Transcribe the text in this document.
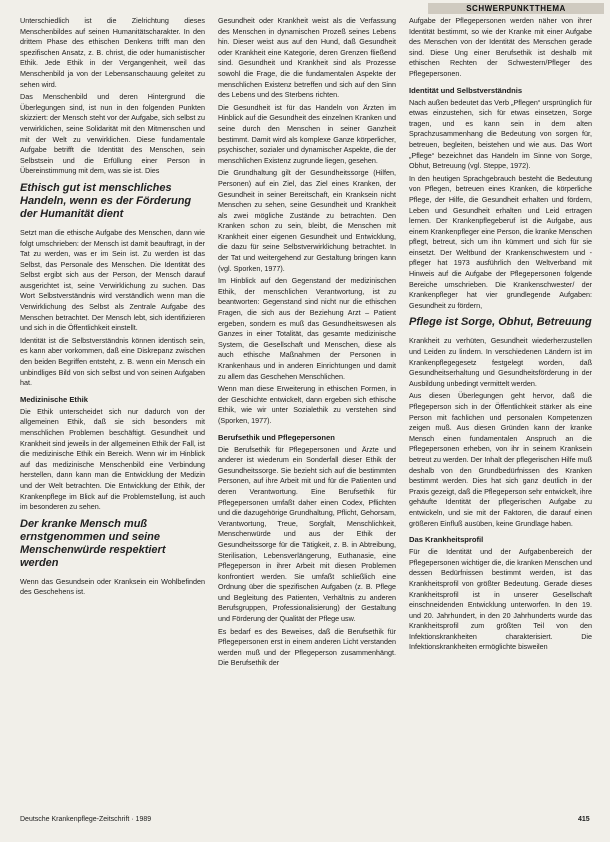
SCHWERPUNKTTHEMA

Unterschiedlich ist die Zielrichtung dieses Menschenbildes auf seinen Humanitätscharakter. In den drittem Phase des ethischen Denkens trifft man den spezifischen Ansatz, z. B. christ, die oder humanistischer Ethik. Jede Ethik in der Vergangenheit, weil das Menschenbild ja von der Lebensanschauung geleitet zu sehen wird.

Das Menschenbild und deren Hintergrund die Überlegungen sind, ist nun in den folgenden Punkten skizziert: der Mensch steht vor der Aufgabe, sich selbst zu verwirklichen, seine Solidarität mit den Mitmenschen und mit der Welt zu verwirklichen. Diese fundamentale Aufgabe betrifft die Identität des Menschen, sein Selbstsein und die Erfüllung einer Person in Übereinstimmung mit dem, was sie ist. Dies

Ethisch gut ist menschliches Handeln, wenn es der Förderung der Humanität dient

Setzt man die ethische Aufgabe des Menschen, dann wie folgt umschrieben: der Mensch ist damit beauftragt, in der Tat zu werden, was er im Sein ist. Zu werden ist das Selbst, das Personale des Menschen. Die Identität des Selbst ergibt sich aus der Person, der Mensch darauf ausgerichtet ist, seine Verwirklichung zu suchen. Das Wort Selbstverständnis wird verständlich wenn man die Verwirklichung des Selbst als Zentrale Aufgabe des Menschen betrachtet. Der Mensch lebt, sich identifizieren und sich in die Öffentlichkeit einstellt.

Identität ist die Selbstverständnis können identisch sein, es kann aber vorkommen, daß eine Diskrepanz zwischen den beiden Begriffen entsteht, z. B. wenn ein Mensch ein unbindliges Bild von sich selbst und von seinen Aufgaben hat.

Medizinische Ethik

Die Ethik unterscheidet sich nur dadurch von der allgemeinen Ethik, daß sie sich besonders mit menschlichen Problemen beschäftigt. Gesundheit und Krankheit sind jeweils in der allgemeinen Ethik der Fall, ist die medizinische Ethik ein Bereich. Wenn wir im Hinblick auf das medizinische Menschenbild eine Verbindung herstellen, dann kann man die Entwicklung der Medizin und der Welt betrachten. Die Entwicklung der Ethik, der Krankenpflege im Blick auf die Problemstellung, ist auch im besonderen zu sehen.

Der kranke Mensch muß ernstgenommen und seine Menschenwürde respektiert werden

Wenn das Gesundsein oder Kranksein ein Wohlbefinden des Geschehens ist.

Gesundheit oder Krankheit weist als die Verfassung des Menschen in dynamischen Prozeß seines Lebens hin. Dieser weist aus auf den Hund, daß Gesundheit oder Krankheit eine Kategorie, deren Grenzen fließend sind. Gesundheit und Krankheit sind als Prozesse sowohl die Frage, die die fundamentalen Aspekte der menschlichen Existenz betreffen und sich auf den Sinn des Lebens und des Sterbens richten.

Die Gesundheit ist für das Handeln von Ärzten im Hinblick auf die Gesundheit des einzelnen Kranken und seine durch den Menschen in seiner Ganzheit bestimmt. Damit wird als komplexe Ganze körperlicher, psychischer, sozialer und dynamischer Aspekte, die der menschlichen Existenz zugrunde liegen, gesehen.

Die Grundhaltung gilt der Gesundheitssorge (Hilfen, Personen) auf ein Ziel, das Ziel eines Kranken, der Gesundheit in seiner Bereitschaft, ein Kranksein nicht Menschen zu sehen, seine Gesundheit und Krankheit als zwei mögliche Zustände zu betrachten. Den Kranken schon zu sein, bleibt, die Menschen mit Krankheit einer eigenen Gesundheit und Entwicklung, die dazu für seine Selbstverwirklichung betrachtet. In der Tat und weitergehend zur Gestaltung bringen kann (vgl. Sporken, 1977).

Im Hinblick auf den Gegenstand der medizinischen Ethik, der menschlichen Verantwortung, ist zu beantworten: Gegenstand sind nicht nur die ethischen Fragen, die sich aus der Beziehung Arzt – Patient ergeben, sondern es muß das Gesundheitswesen als Ganzes in einer Totalität, das gesamte medizinische System, die Gesellschaft und Menschen, diese als auch ethische Maßnahmen der Personen in Krankenhaus und in anderen Einrichtungen und damit zu allem das Geschehen Menschlichen.

Wenn man diese Erweiterung in ethischen Formen, in der Geschichte entwickelt, dann ergeben sich ethische Ethik, wie wir unter Sozialethik zu verstehen sind (Sporken, 1977).

Berufsethik und Pflegepersonen

Die Berufsethik für Pflegepersonen und Ärzte und anderer ist wiederum ein Sonderfall dieser Ethik der Gesundheitssorge. Sie bezieht sich auf die bestimmten Personen, auf ihre Arbeit mit und für die Patienten und deren Verantwortung. Eine Berufsethik für Pflegepersonen umfaßt daher einen Codex, Pflichten und die dazugehörige Grundhaltung, Pflicht, Gehorsam, Verantwortung, Treue, Sorgfalt, Menschlichkeit, Menschenwürde und aus der Ethik der Gesundheitssorge für die Tätigkeit, z. B. in Abtreibung, Sterilisation, Lebensverlängerung, Euthanasie, eine Pflegeperson in ihrer Arbeit mit diesen Problemen konfrontiert werden. Sie umfaßt schließlich eine Ordnung über die spezifischen Aufgaben (z. B. Pflege und Begleitung des Patienten, Verhältnis zu anderen Berufsgruppen, Professionalisierung) der Gestaltung und Förderung der Qualität der Pflege usw.

Es bedarf es des Beweises, daß die Berufsethik für Pflegepersonen erst in einem anderen Licht verstanden werden muß und der Pflegeperson zusammenhängt. Die Berufsethik der

Aufgabe der Pflegepersonen werden näher von ihrer Identität bestimmt, so wie der Kranke mit einer Aufgabe des Menschen von der Identität des Menschen gerade sind. Diese Ung einer Berufsethik ist deshalb mit ethischen Rechten der Schwestern/Pfleger des Pflegepersonen.

Identität und Selbstverständnis

Nach außen bedeutet das Verb „Pflegen“ ursprünglich für etwas einzustehen, sich für etwas einsetzen, Sorge tragen, und es kann sein in dem alten Sprachzusammenhang die Bedeutung von sorgen für, betreuen, begleiten, beistehen und wie aus. Das Wort „Pflege“ bezeichnet das Handeln im Sinne von Sorge, Obhut, Betreuung (vgl. Steppe, 1972).

In den heutigen Sprachgebrauch besteht die Bedeutung von Pflegen, betreuen eines Kranken, die körperliche Pflege, der Hilfe, die Gesundheit erhalten und fördern, Leben und Gesundheit erhalten und Leid ertragen lernen. Der Krankenpflegeberuf ist die Aufgabe, aus einem Krankenpfleger eine Person, die kranke Menschen pflegt, betreut, sich um ihn kümmert und sich für sie einsetzt. Der Weltbund der Krankenschwestern und -pfleger hat 1973 ausführlich den Weltverband mit Hinweis auf die Aufgabe der Pflegepersonen folgende Bereiche umschrieben. Die Krankenschwester/ der Krankenpfleger hat vier grundlegende Aufgaben: Gesundheit zu fördern,

Pflege ist Sorge, Obhut, Betreuung

Krankheit zu verhüten, Gesundheit wiederherzustellen und Leiden zu lindern. In verschiedenen Ländern ist im Krankenpflegegesetz festgelegt worden, daß Gesundheitserhaltung und Gesundheitsförderung in der Ausbildung unbedingt vermittelt werden.

Aus diesen Überlegungen geht hervor, daß die Pflegeperson sich in der Öffentlichkeit stärker als eine Person mit fachlichen und personalen Kompetenzen zeigen muß. Aus diesen Gründen kann der kranke Mensch einen fundamentalen Anspruch an die Pflegepersonen erheben, von ihr in seinem Kranksein betreut zu werden. Der Inhalt der pflegerischen Hilfe muß deshalb von den Grundbedürfnissen des Kranken bestimmt werden. Dies hat sich ganz deutlich in der Praxis gezeigt, daß die Pflegeperson sehr entwickelt, ihre gehäufte Identität der pflegerischen Aufgabe zu entwickeln, und sie mit der Faktoren, die darauf einen größeren Einfluß ausüben, keine Grundlage haben.

Das Krankheitsprofil

Für die Identität und der Aufgabenbereich der Pflegepersonen wichtiger die, die kranken Menschen und dessen Bedürfnissen bestimmt werden, ist das Krankheitsprofil von größter Bedeutung. Gerade dieses Krankheitsprofil ist in unserer Gesellschaft einschneidenden Entwicklung unterworfen. In den 19. und 20. Jahrhundert, in den 20 Jahrhunderts wurde das Krankheitsprofil zum größten Teil von den Infektionskrankheiten charakterisiert. Die Infektionskrankheiten ermöglichte bisweilen

Deutsche Krankenpflege-Zeitschrift · 1989	415
